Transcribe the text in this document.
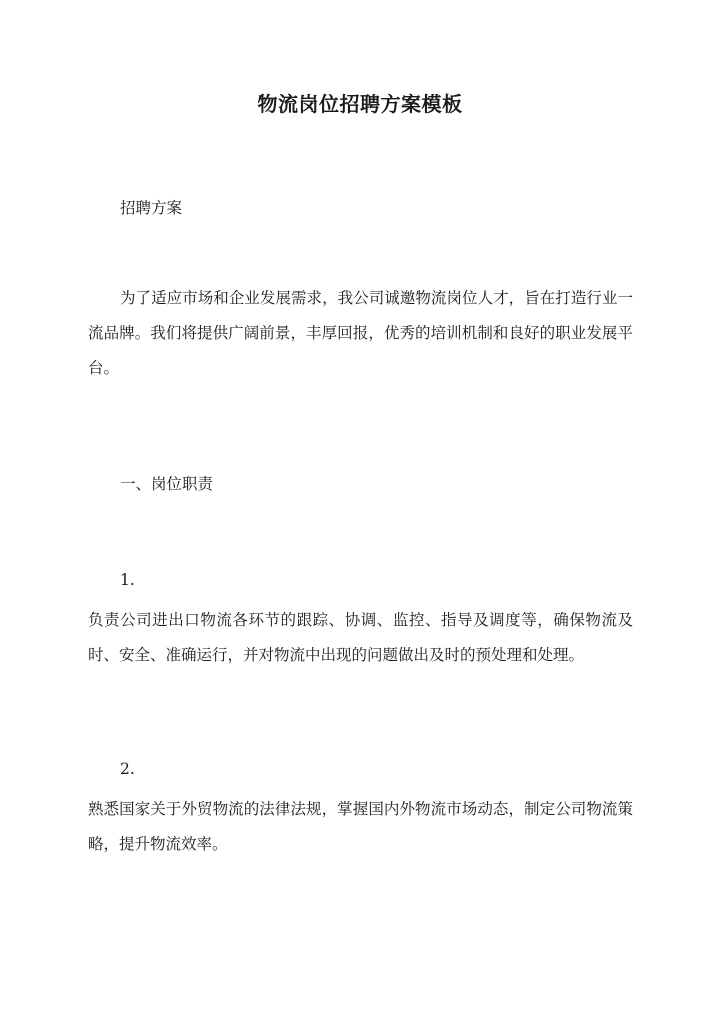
物流岗位招聘方案模板
招聘方案
为了适应市场和企业发展需求，我公司诚邀物流岗位人才，旨在打造行业一流品牌。我们将提供广阔前景，丰厚回报，优秀的培训机制和良好的职业发展平台。
一、岗位职责
1.
负责公司进出口物流各环节的跟踪、协调、监控、指导及调度等，确保物流及时、安全、准确运行，并对物流中出现的问题做出及时的预处理和处理。
2.
熟悉国家关于外贸物流的法律法规，掌握国内外物流市场动态，制定公司物流策略，提升物流效率。
